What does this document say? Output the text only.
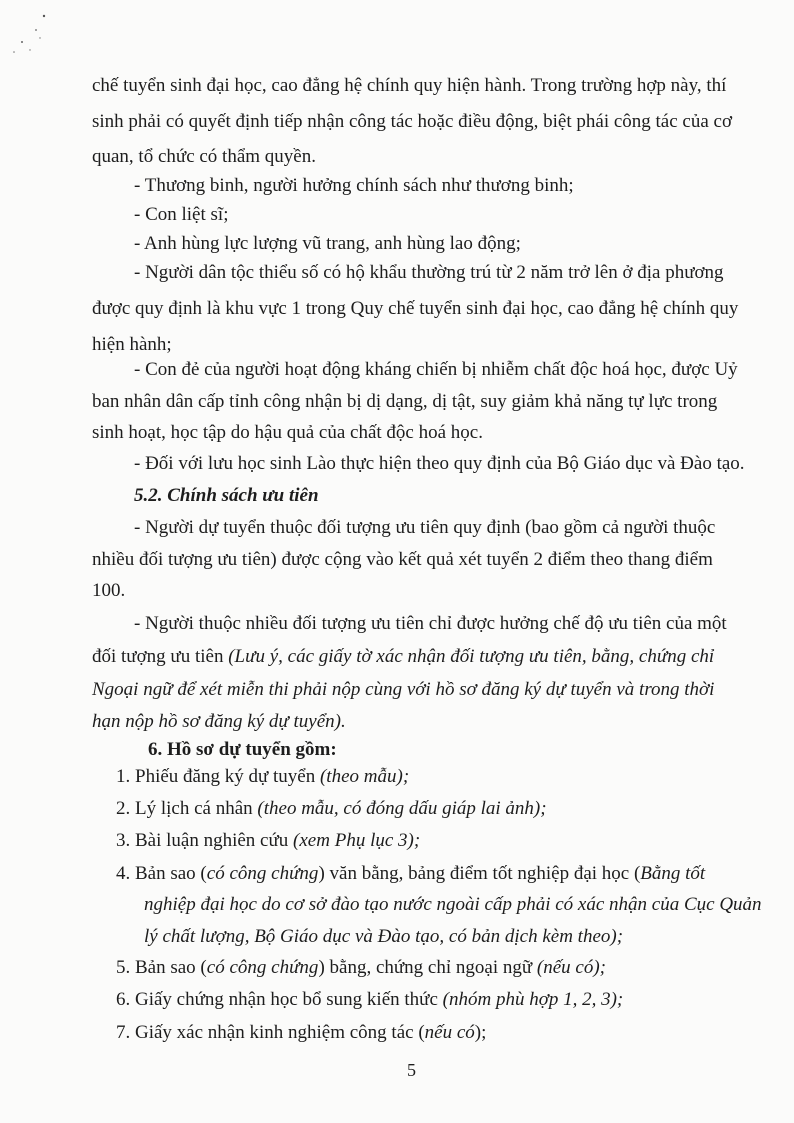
chế tuyển sinh đại học, cao đẳng hệ chính quy hiện hành. Trong trường hợp này, thí
sinh phải có quyết định tiếp nhận công tác hoặc điều động, biệt phái công tác của cơ
quan, tổ chức có thẩm quyền.
- Thương binh, người hưởng chính sách như thương binh;
- Con liệt sĩ;
- Anh hùng lực lượng vũ trang, anh hùng lao động;
- Người dân tộc thiểu số có hộ khẩu thường trú từ 2 năm trở lên ở địa phương
được quy định là khu vực 1 trong Quy chế tuyển sinh đại học, cao đẳng hệ chính quy
hiện hành;
- Con đẻ của người hoạt động kháng chiến bị nhiễm chất độc hoá học, được Uỷ
ban nhân dân cấp tỉnh công nhận bị dị dạng, dị tật, suy giảm khả năng tự lực trong
sinh hoạt, học tập do hậu quả của chất độc hoá học.
- Đối với lưu học sinh Lào thực hiện theo quy định của Bộ Giáo dục và Đào tạo.
5.2. Chính sách ưu tiên
- Người dự tuyển thuộc đối tượng ưu tiên quy định (bao gồm cả người thuộc
nhiều đối tượng ưu tiên) được cộng vào kết quả xét tuyển 2 điểm theo thang điểm
100.
- Người thuộc nhiều đối tượng ưu tiên chỉ được hưởng chế độ ưu tiên của một
đối tượng ưu tiên (Lưu ý, các giấy tờ xác nhận đối tượng ưu tiên, bằng, chứng chỉ
Ngoại ngữ để xét miễn thi phải nộp cùng với hồ sơ đăng ký dự tuyển và trong thời
hạn nộp hồ sơ đăng ký dự tuyển).
6. Hồ sơ dự tuyển gồm:
1. Phiếu đăng ký dự tuyển (theo mẫu);
2. Lý lịch cá nhân (theo mẫu, có đóng dấu giáp lai ảnh);
3. Bài luận nghiên cứu (xem Phụ lục 3);
4. Bản sao (có công chứng) văn bằng, bảng điểm tốt nghiệp đại học (Bằng tốt
nghiệp đại học do cơ sở đào tạo nước ngoài cấp phải có xác nhận của Cục Quản
lý chất lượng, Bộ Giáo dục và Đào tạo, có bản dịch kèm theo);
5. Bản sao (có công chứng) bằng, chứng chỉ ngoại ngữ (nếu có);
6. Giấy chứng nhận học bổ sung kiến thức (nhóm phù hợp 1, 2, 3);
7. Giấy xác nhận kinh nghiệm công tác (nếu có);
5
